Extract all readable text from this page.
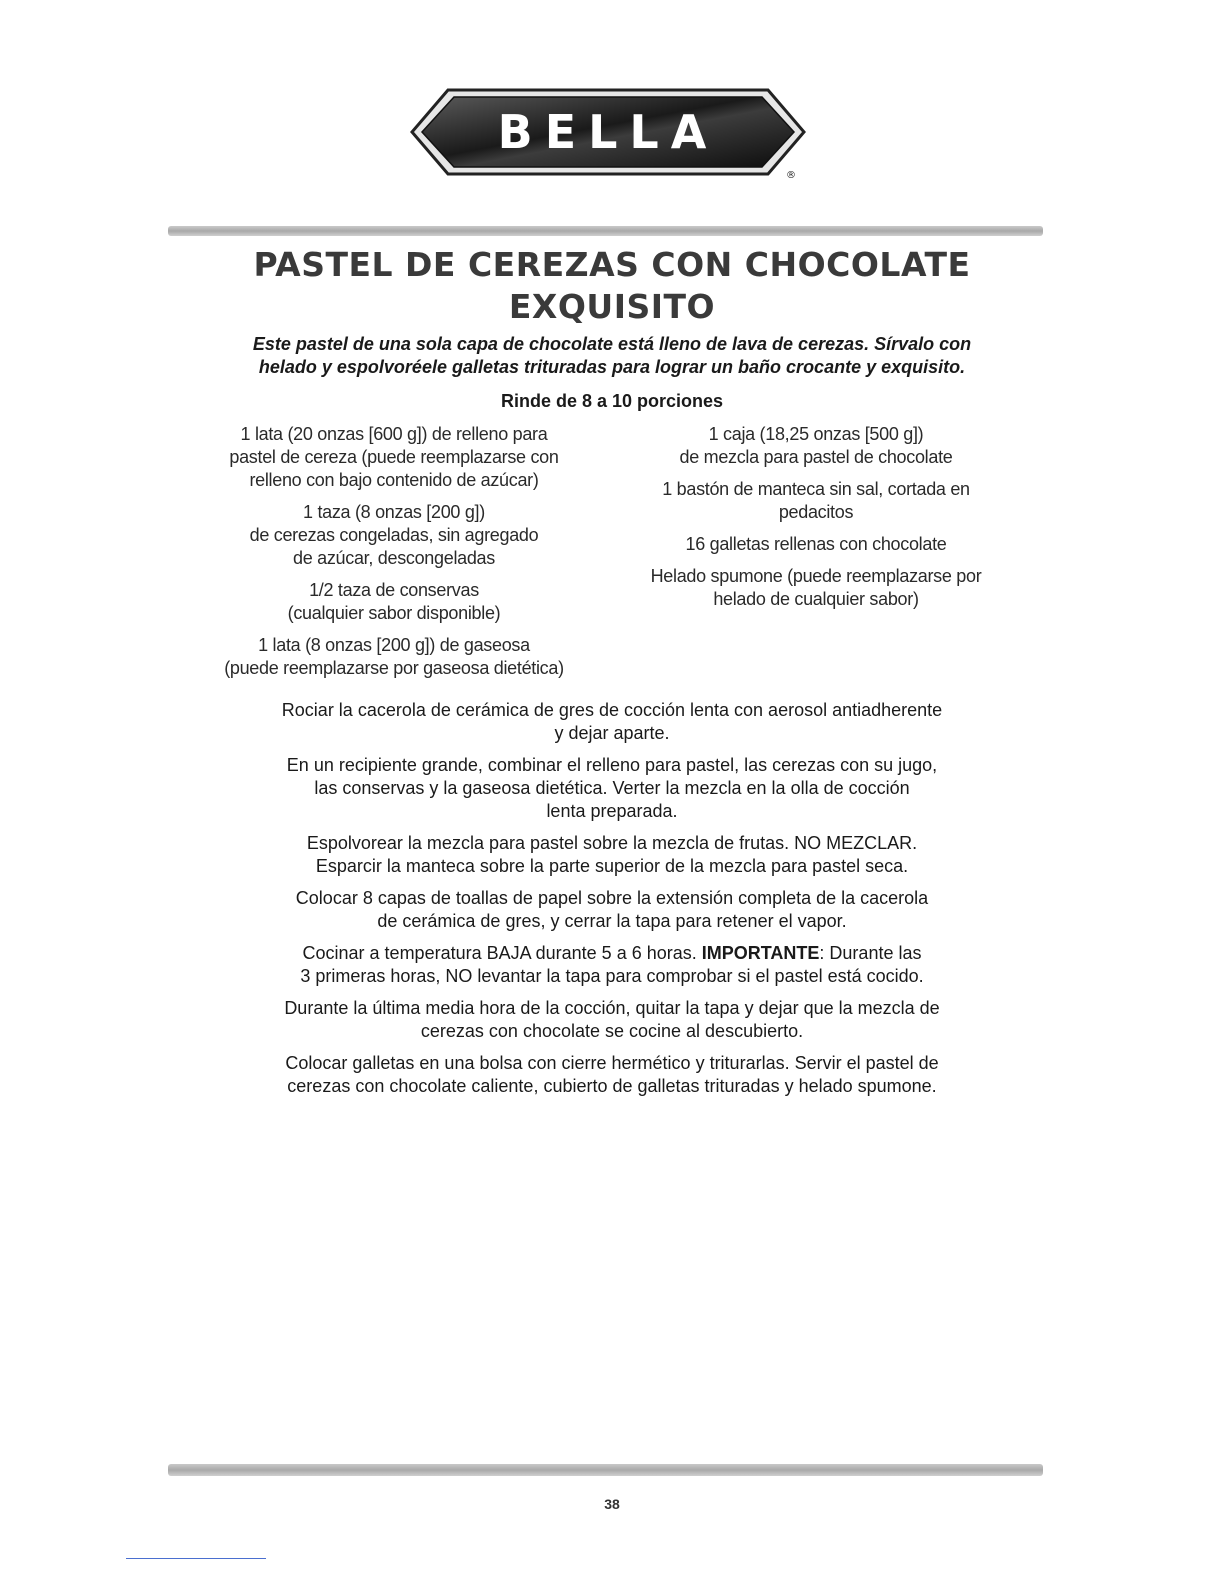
BELLA
®
PASTEL DE CEREZAS CON CHOCOLATE
EXQUISITO

Este pastel de una sola capa de chocolate está lleno de lava de cerezas. Sírvalo con
helado y espolvoréele galletas trituradas para lograr un baño crocante y exquisito.

Rinde de 8 a 10 porciones

1 lata (20 onzas [600 g]) de relleno para
pastel de cereza (puede reemplazarse con
relleno con bajo contenido de azúcar)

1 taza (8 onzas [200 g])
de cerezas congeladas, sin agregado
de azúcar, descongeladas

1/2 taza de conservas
(cualquier sabor disponible)

1 lata (8 onzas [200 g]) de gaseosa
(puede reemplazarse por gaseosa dietética)

1 caja (18,25 onzas [500 g])
de mezcla para pastel de chocolate

1 bastón de manteca sin sal, cortada en
pedacitos

16 galletas rellenas con chocolate

Helado spumone (puede reemplazarse por
helado de cualquier sabor)

Rociar la cacerola de cerámica de gres de cocción lenta con aerosol antiadherente
y dejar aparte.

En un recipiente grande, combinar el relleno para pastel, las cerezas con su jugo,
las conservas y la gaseosa dietética. Verter la mezcla en la olla de cocción
lenta preparada.

Espolvorear la mezcla para pastel sobre la mezcla de frutas. NO MEZCLAR.
Esparcir la manteca sobre la parte superior de la mezcla para pastel seca.

Colocar 8 capas de toallas de papel sobre la extensión completa de la cacerola
de cerámica de gres, y cerrar la tapa para retener el vapor.

Cocinar a temperatura BAJA durante 5 a 6 horas. IMPORTANTE: Durante las
3 primeras horas, NO levantar la tapa para comprobar si el pastel está cocido.

Durante la última media hora de la cocción, quitar la tapa y dejar que la mezcla de
cerezas con chocolate se cocine al descubierto.

Colocar galletas en una bolsa con cierre hermético y triturarlas. Servir el pastel de
cerezas con chocolate caliente, cubierto de galletas trituradas y helado spumone.

38
